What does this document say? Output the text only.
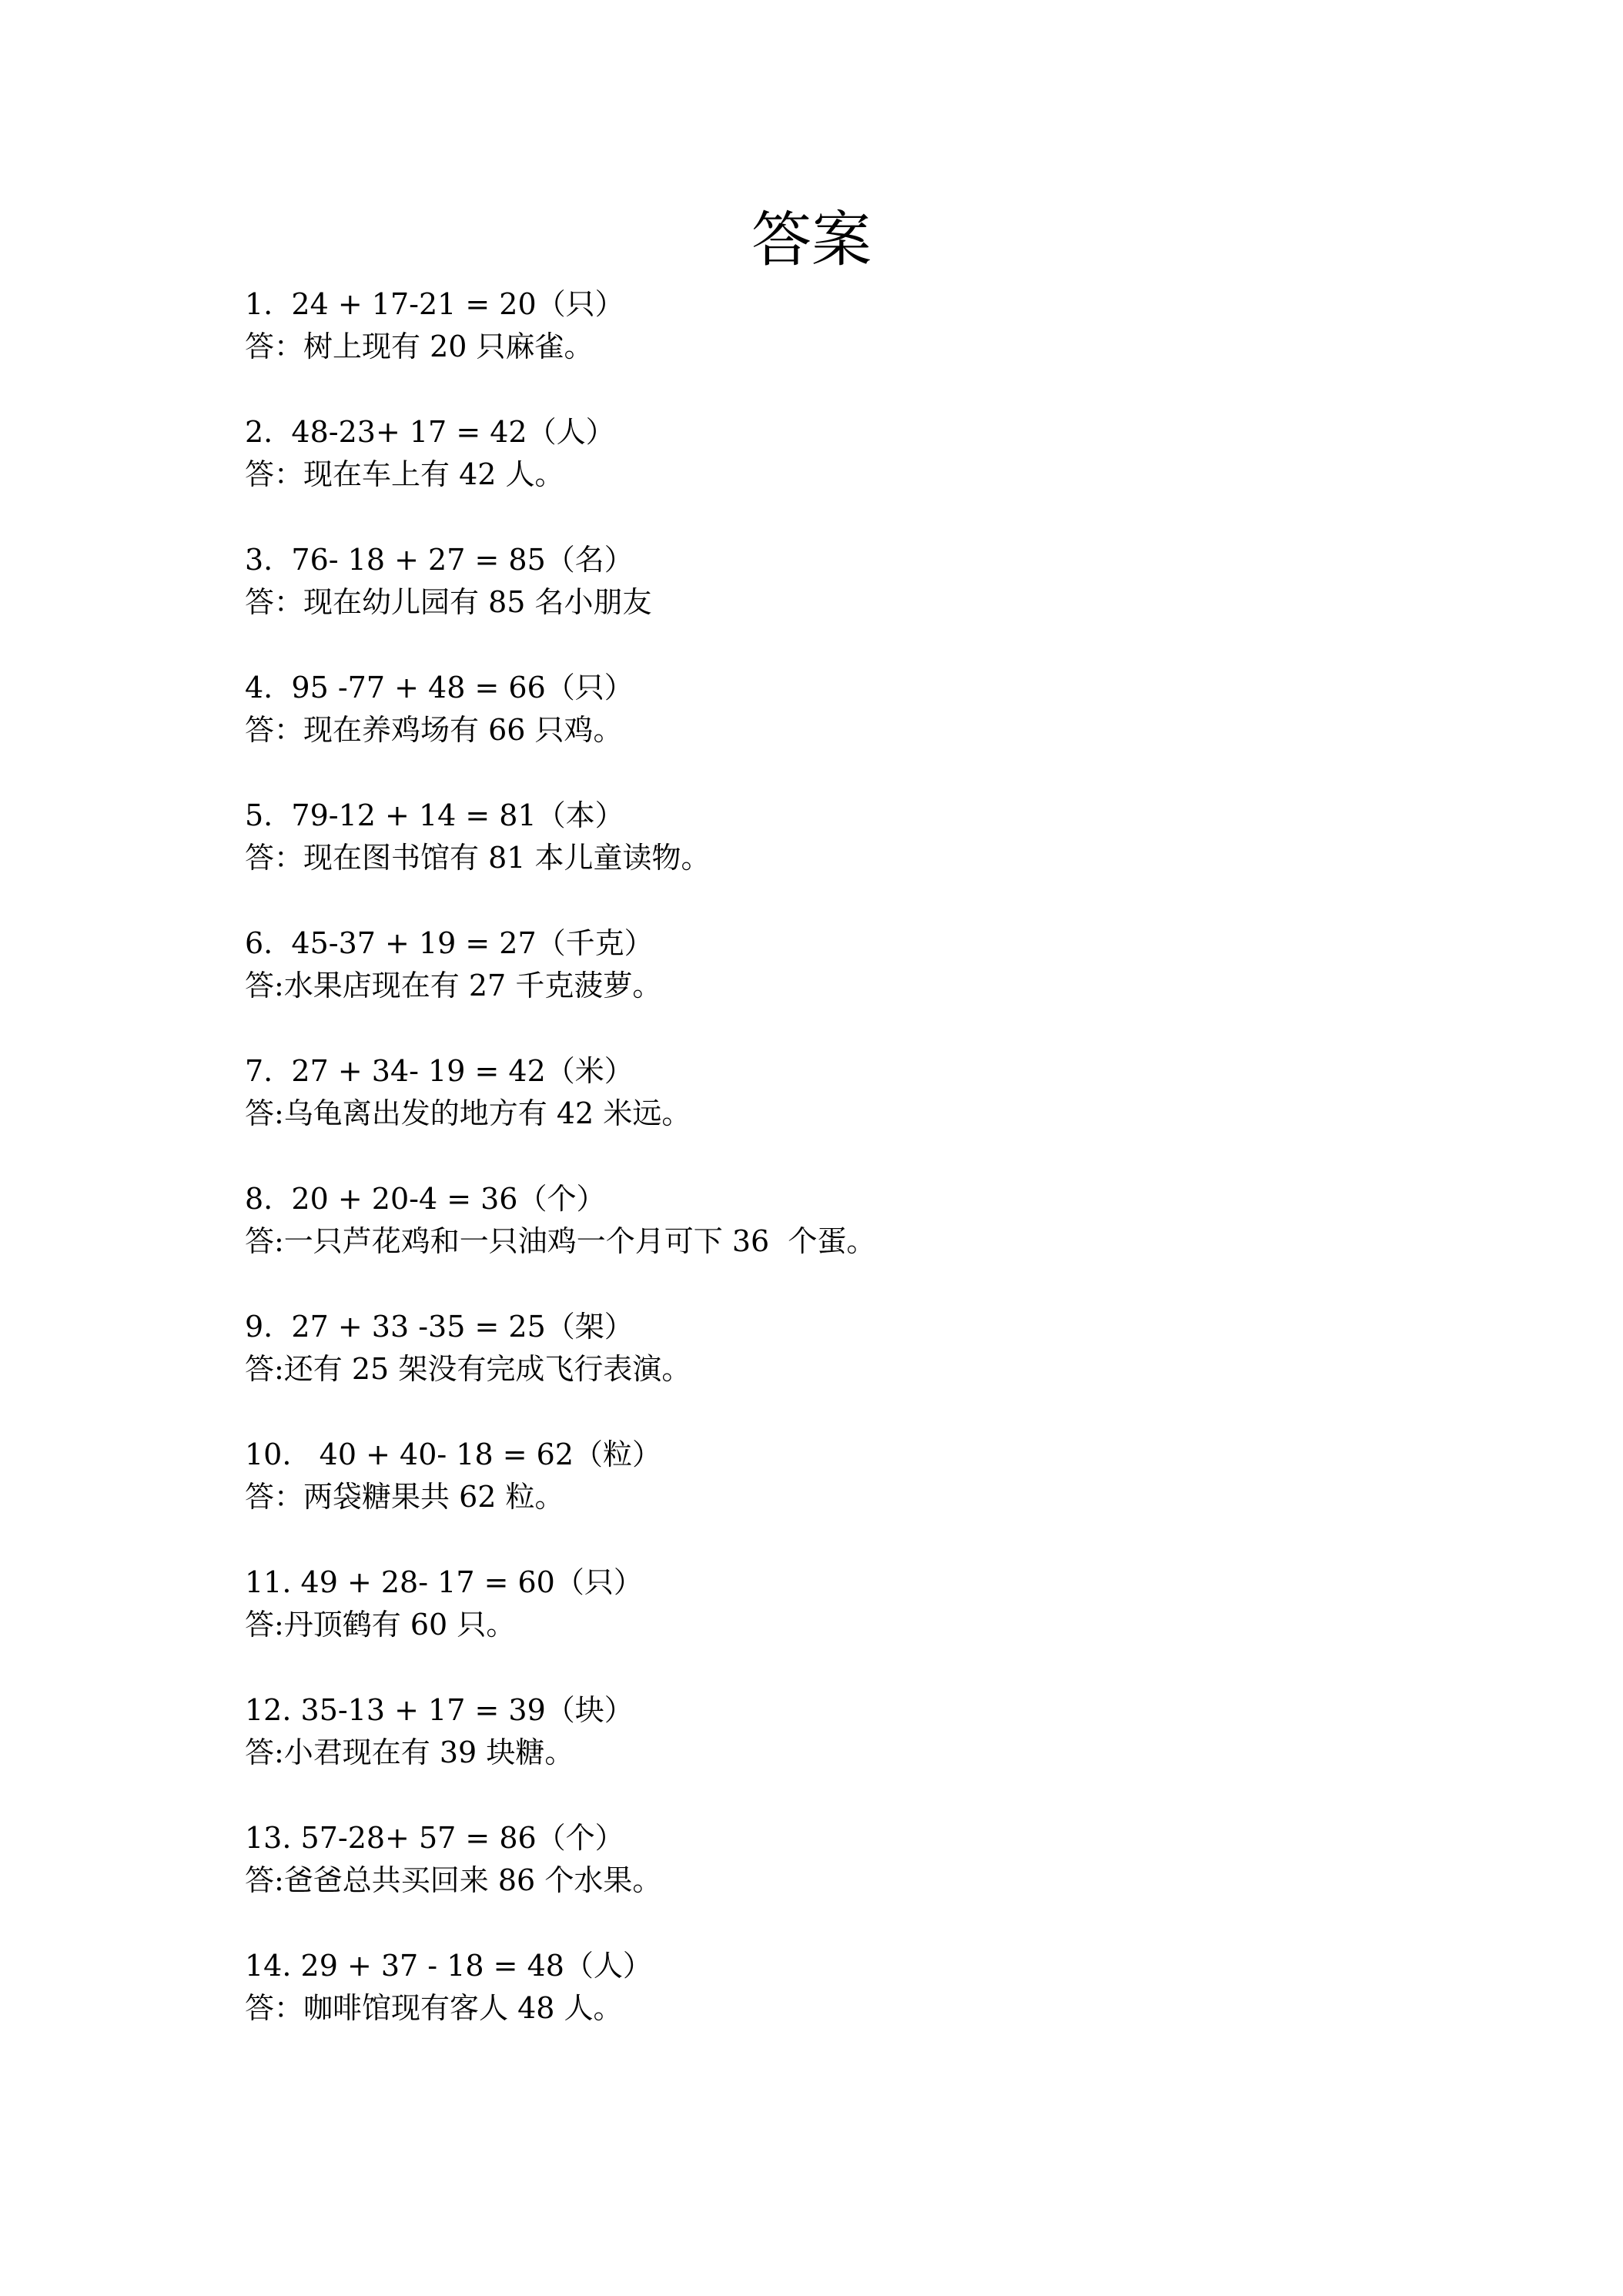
答案
1.  24 + 17-21 = 20（只）
答：树上现有 20 只麻雀。
2.  48-23+ 17 = 42（人）
答：现在车上有 42 人。
3.  76- 18 + 27 = 85（名）
答：现在幼儿园有 85 名小朋友
4.  95 -77 + 48 = 66（只）
答：现在养鸡场有 66 只鸡。
5.  79-12 + 14 = 81（本）
答：现在图书馆有 81 本儿童读物。
6.  45-37 + 19 = 27（千克）
答:水果店现在有 27 千克菠萝。
7.  27 + 34- 19 = 42（米）
答:乌龟离出发的地方有 42 米远。
8.  20 + 20-4 = 36（个）
答:一只芦花鸡和一只油鸡一个月可下 36  个蛋。
9.  27 + 33 -35 = 25（架）
答:还有 25 架没有完成飞行表演。
10.   40 + 40- 18 = 62（粒）
答：两袋糖果共 62 粒。
11. 49 + 28- 17 = 60（只）
答:丹顶鹤有 60 只。
12. 35-13 + 17 = 39（块）
答:小君现在有 39 块糖。
13. 57-28+ 57 = 86（个）
答:爸爸总共买回来 86 个水果。
14. 29 + 37 - 18 = 48（人）
答：咖啡馆现有客人 48 人。
